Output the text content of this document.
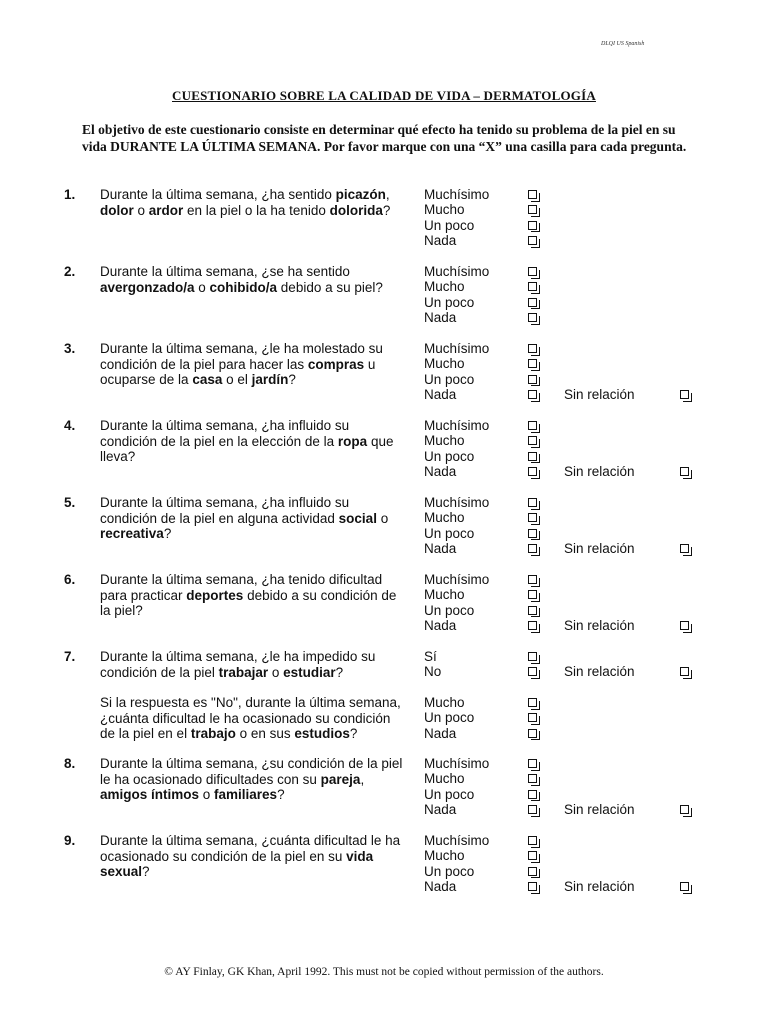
DLQI US Spanish
CUESTIONARIO SOBRE LA CALIDAD DE VIDA – DERMATOLOGÍA
El objetivo de este cuestionario consiste en determinar qué efecto ha tenido su problema de la piel en su vida DURANTE LA ÚLTIMA SEMANA. Por favor marque con una “X” una casilla para cada pregunta.
1. Durante la última semana, ¿ha sentido picazón, dolor o ardor en la piel o la ha tenido dolorida?
Muchísimo
Mucho
Un poco
Nada
2. Durante la última semana, ¿se ha sentido avergonzado/a o cohibido/a debido a su piel?
Muchísimo
Mucho
Un poco
Nada
3. Durante la última semana, ¿le ha molestado su condición de la piel para hacer las compras u ocuparse de la casa o el jardín?
Muchísimo
Mucho
Un poco
Nada	Sin relación
4. Durante la última semana, ¿ha influido su condición de la piel en la elección de la ropa que lleva?
Muchísimo
Mucho
Un poco
Nada	Sin relación
5. Durante la última semana, ¿ha influido su condición de la piel en alguna actividad social o recreativa?
Muchísimo
Mucho
Un poco
Nada	Sin relación
6. Durante la última semana, ¿ha tenido dificultad para practicar deportes debido a su condición de la piel?
Muchísimo
Mucho
Un poco
Nada	Sin relación
7. Durante la última semana, ¿le ha impedido su condición de la piel trabajar o estudiar?
Sí
No	Sin relación
Si la respuesta es "No", durante la última semana, ¿cuánta dificultad le ha ocasionado su condición de la piel en el trabajo o en sus estudios?
Mucho
Un poco
Nada
8. Durante la última semana, ¿su condición de la piel le ha ocasionado dificultades con su pareja, amigos íntimos o familiares?
Muchísimo
Mucho
Un poco
Nada	Sin relación
9. Durante la última semana, ¿cuánta dificultad le ha ocasionado su condición de la piel en su vida sexual?
Muchísimo
Mucho
Un poco
Nada	Sin relación
© AY Finlay, GK Khan, April 1992. This must not be copied without permission of the authors.
